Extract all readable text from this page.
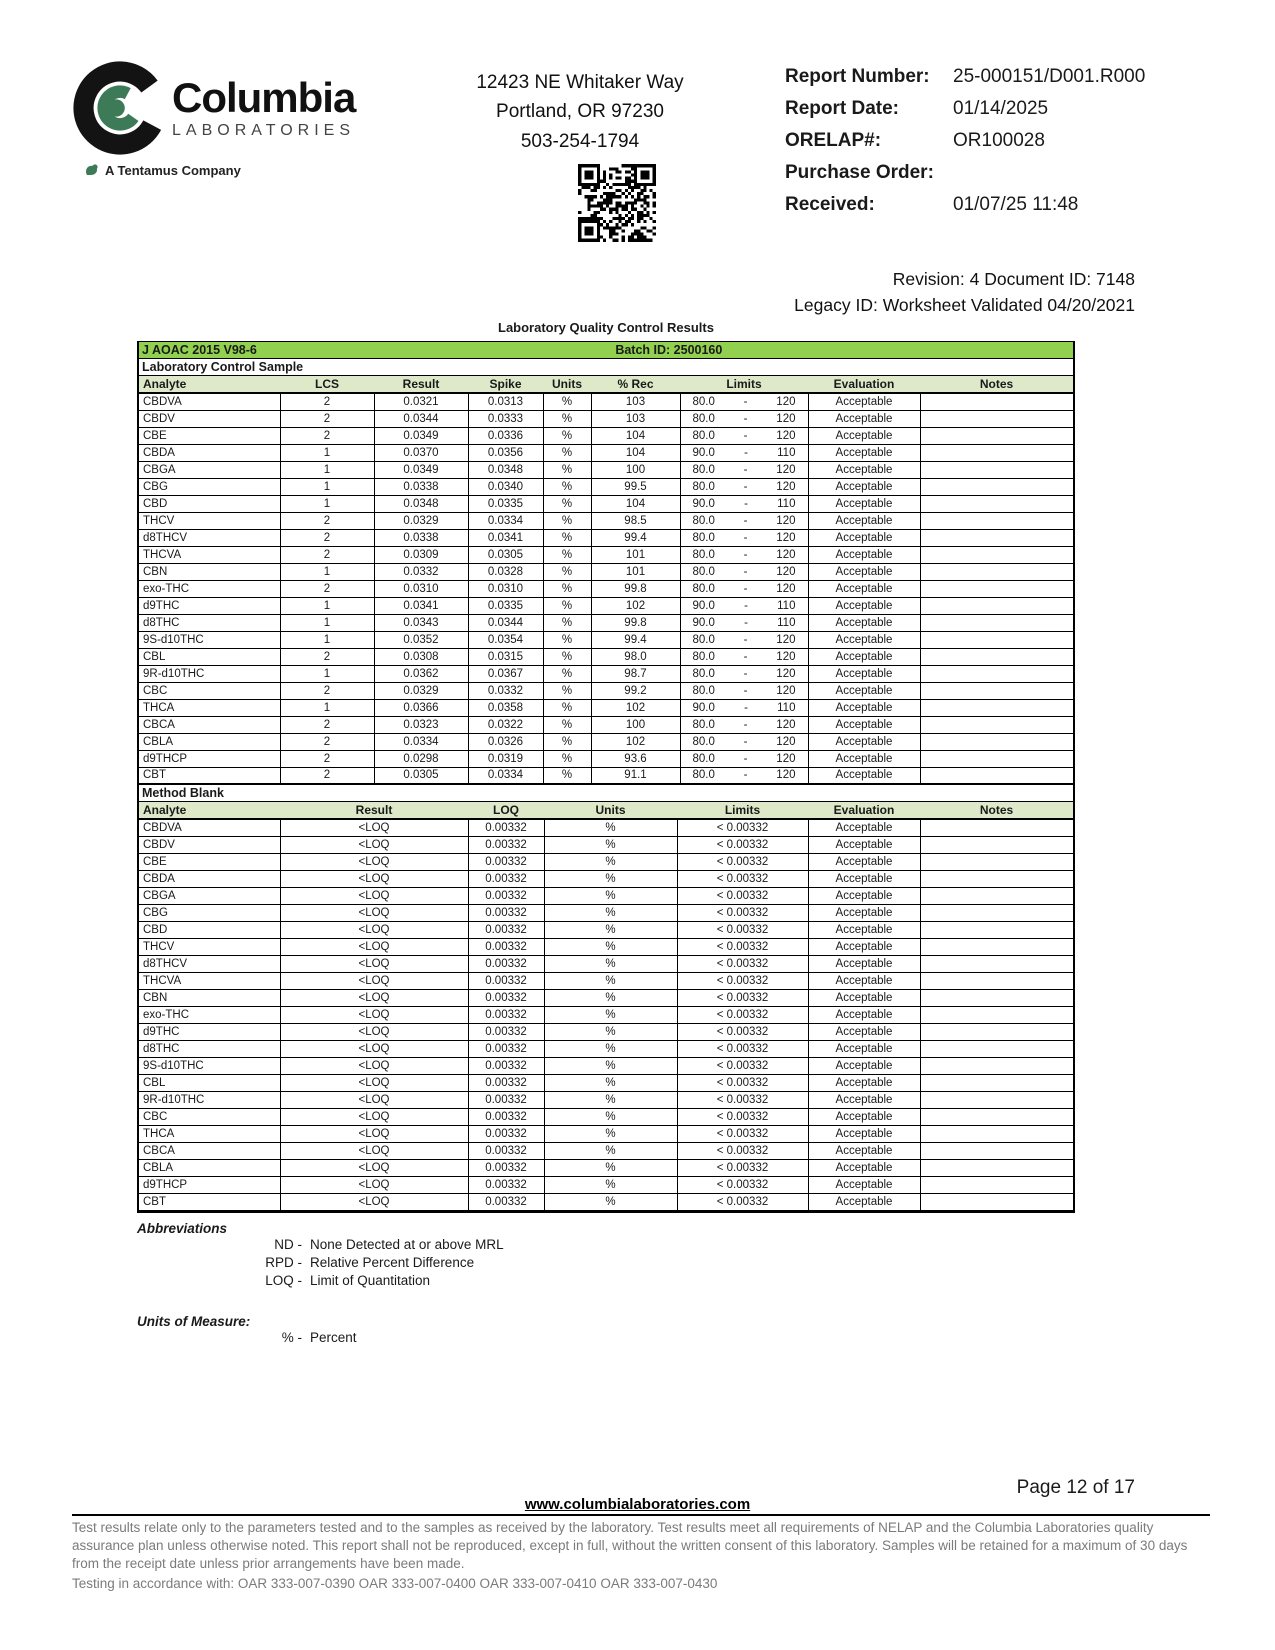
Columbia
LABORATORIES
A Tentamus Company
12423 NE Whitaker Way
Portland, OR 97230
503-254-1794
Report Number:	25-000151/D001.R000
Report Date:	01/14/2025
ORELAP#:	OR100028
Purchase Order:
Received:	01/07/25 11:48
Revision: 4 Document ID: 7148
Legacy ID: Worksheet Validated 04/20/2021
Laboratory Quality Control Results
J AOAC 2015 V98-6	Batch ID: 2500160
Laboratory Control Sample
Analyte	LCS	Result	Spike	Units	% Rec	Limits	Evaluation	Notes
CBDVA	2	0.0321	0.0313	%	103	80.0 - 120	Acceptable	
CBDV	2	0.0344	0.0333	%	103	80.0 - 120	Acceptable	
CBE	2	0.0349	0.0336	%	104	80.0 - 120	Acceptable	
CBDA	1	0.0370	0.0356	%	104	90.0 - 110	Acceptable	
CBGA	1	0.0349	0.0348	%	100	80.0 - 120	Acceptable	
CBG	1	0.0338	0.0340	%	99.5	80.0 - 120	Acceptable	
CBD	1	0.0348	0.0335	%	104	90.0 - 110	Acceptable	
THCV	2	0.0329	0.0334	%	98.5	80.0 - 120	Acceptable	
d8THCV	2	0.0338	0.0341	%	99.4	80.0 - 120	Acceptable	
THCVA	2	0.0309	0.0305	%	101	80.0 - 120	Acceptable	
CBN	1	0.0332	0.0328	%	101	80.0 - 120	Acceptable	
exo-THC	2	0.0310	0.0310	%	99.8	80.0 - 120	Acceptable	
d9THC	1	0.0341	0.0335	%	102	90.0 - 110	Acceptable	
d8THC	1	0.0343	0.0344	%	99.8	90.0 - 110	Acceptable	
9S-d10THC	1	0.0352	0.0354	%	99.4	80.0 - 120	Acceptable	
CBL	2	0.0308	0.0315	%	98.0	80.0 - 120	Acceptable	
9R-d10THC	1	0.0362	0.0367	%	98.7	80.0 - 120	Acceptable	
CBC	2	0.0329	0.0332	%	99.2	80.0 - 120	Acceptable	
THCA	1	0.0366	0.0358	%	102	90.0 - 110	Acceptable	
CBCA	2	0.0323	0.0322	%	100	80.0 - 120	Acceptable	
CBLA	2	0.0334	0.0326	%	102	80.0 - 120	Acceptable	
d9THCP	2	0.0298	0.0319	%	93.6	80.0 - 120	Acceptable	
CBT	2	0.0305	0.0334	%	91.1	80.0 - 120	Acceptable	
Method Blank
Analyte	Result	LOQ	Units	Limits	Evaluation	Notes
CBDVA	<LOQ	0.00332	%	< 0.00332	Acceptable	
CBDV	<LOQ	0.00332	%	< 0.00332	Acceptable	
CBE	<LOQ	0.00332	%	< 0.00332	Acceptable	
CBDA	<LOQ	0.00332	%	< 0.00332	Acceptable	
CBGA	<LOQ	0.00332	%	< 0.00332	Acceptable	
CBG	<LOQ	0.00332	%	< 0.00332	Acceptable	
CBD	<LOQ	0.00332	%	< 0.00332	Acceptable	
THCV	<LOQ	0.00332	%	< 0.00332	Acceptable	
d8THCV	<LOQ	0.00332	%	< 0.00332	Acceptable	
THCVA	<LOQ	0.00332	%	< 0.00332	Acceptable	
CBN	<LOQ	0.00332	%	< 0.00332	Acceptable	
exo-THC	<LOQ	0.00332	%	< 0.00332	Acceptable	
d9THC	<LOQ	0.00332	%	< 0.00332	Acceptable	
d8THC	<LOQ	0.00332	%	< 0.00332	Acceptable	
9S-d10THC	<LOQ	0.00332	%	< 0.00332	Acceptable	
CBL	<LOQ	0.00332	%	< 0.00332	Acceptable	
9R-d10THC	<LOQ	0.00332	%	< 0.00332	Acceptable	
CBC	<LOQ	0.00332	%	< 0.00332	Acceptable	
THCA	<LOQ	0.00332	%	< 0.00332	Acceptable	
CBCA	<LOQ	0.00332	%	< 0.00332	Acceptable	
CBLA	<LOQ	0.00332	%	< 0.00332	Acceptable	
d9THCP	<LOQ	0.00332	%	< 0.00332	Acceptable	
CBT	<LOQ	0.00332	%	< 0.00332	Acceptable	
Abbreviations
ND - None Detected at or above MRL
RPD - Relative Percent Difference
LOQ - Limit of Quantitation
Units of Measure:
% - Percent
Page 12 of 17
www.columbialaboratories.com
Test results relate only to the parameters tested and to the samples as received by the laboratory. Test results meet all requirements of NELAP and the Columbia Laboratories quality assurance plan unless otherwise noted. This report shall not be reproduced, except in full, without the written consent of this laboratory. Samples will be retained for a maximum of 30 days from the receipt date unless prior arrangements have been made.
Testing in accordance with: OAR 333-007-0390 OAR 333-007-0400 OAR 333-007-0410 OAR 333-007-0430
